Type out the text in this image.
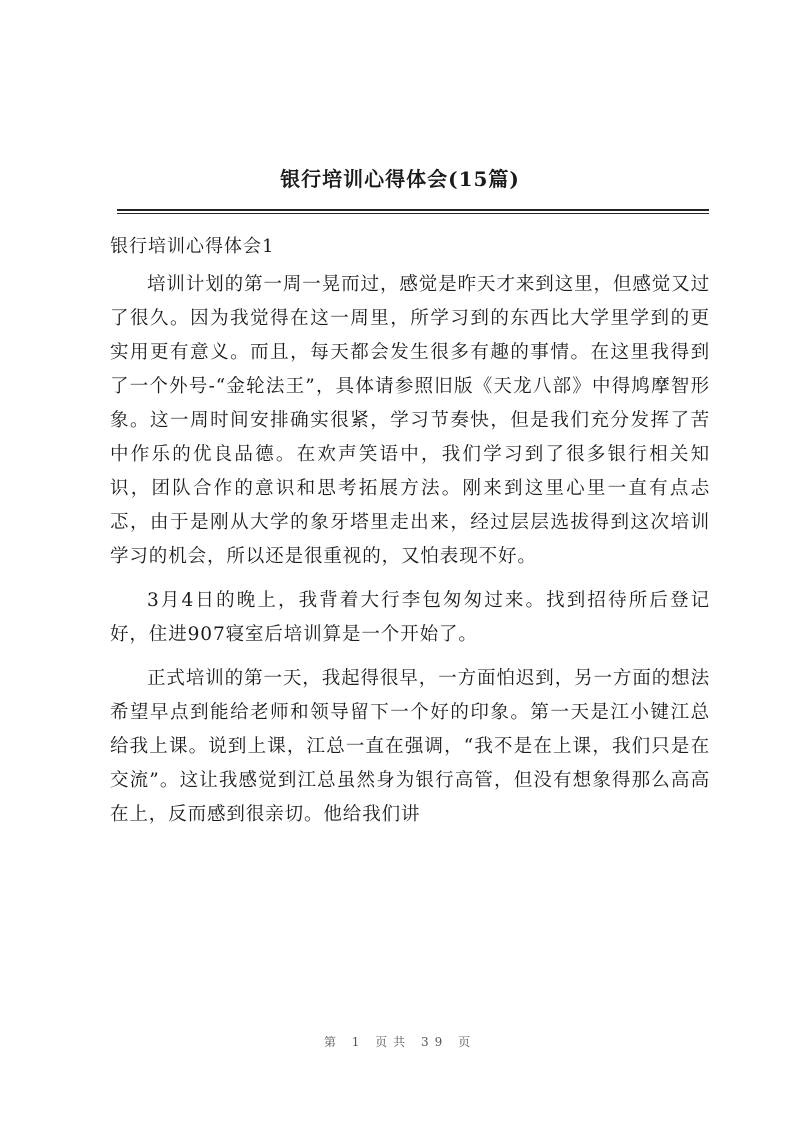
银行培训心得体会(15篇)
银行培训心得体会1

培训计划的第一周一晃而过，感觉是昨天才来到这里，但感觉又过了很久。因为我觉得在这一周里，所学习到的东西比大学里学到的更实用更有意义。而且，每天都会发生很多有趣的事情。在这里我得到了一个外号-“金轮法王”，具体请参照旧版《天龙八部》中得鸠摩智形象。这一周时间安排确实很紧，学习节奏快，但是我们充分发挥了苦中作乐的优良品德。在欢声笑语中，我们学习到了很多银行相关知识，团队合作的意识和思考拓展方法。刚来到这里心里一直有点忐忑，由于是刚从大学的象牙塔里走出来，经过层层选拔得到这次培训学习的机会，所以还是很重视的，又怕表现不好。

3月4日的晚上，我背着大行李包匆匆过来。找到招待所后登记好，住进907寝室后培训算是一个开始了。

正式培训的第一天，我起得很早，一方面怕迟到，另一方面的想法希望早点到能给老师和领导留下一个好的印象。第一天是江小键江总给我上课。说到上课，江总一直在强调，“我不是在上课，我们只是在交流”。这让我感觉到江总虽然身为银行高管，但没有想象得那么高高在上，反而感到很亲切。他给我们讲

第 1 页共 39 页
